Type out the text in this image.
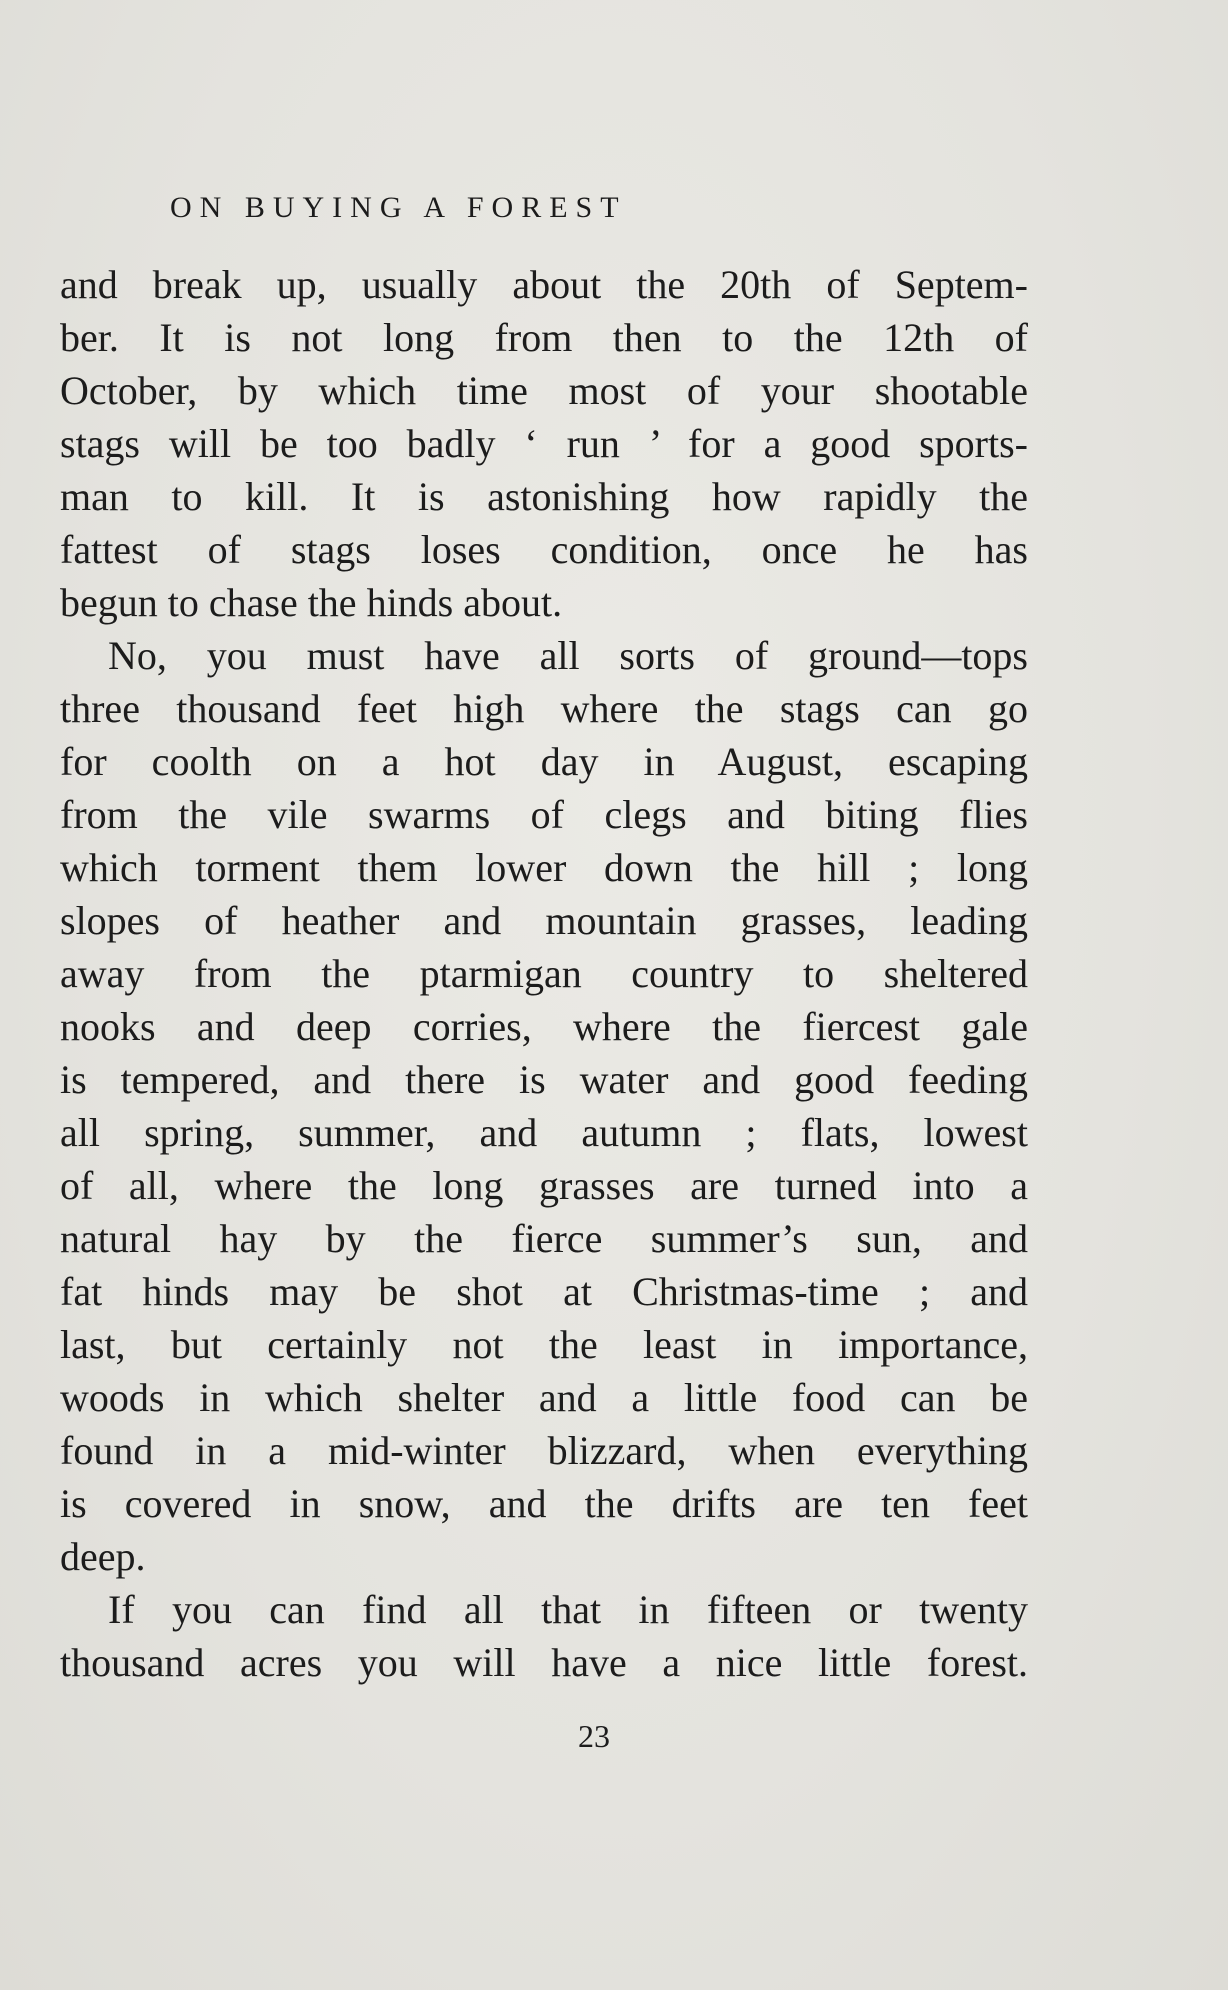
ON BUYING A FOREST
and break up, usually about the 20th of Septem-
ber. It is not long from then to the 12th of
October, by which time most of your shootable
stags will be too badly ‘ run ’ for a good sports-
man to kill. It is astonishing how rapidly the
fattest of stags loses condition, once he has
begun to chase the hinds about.
No, you must have all sorts of ground—tops
three thousand feet high where the stags can go
for coolth on a hot day in August, escaping
from the vile swarms of clegs and biting flies
which torment them lower down the hill ; long
slopes of heather and mountain grasses, leading
away from the ptarmigan country to sheltered
nooks and deep corries, where the fiercest gale
is tempered, and there is water and good feeding
all spring, summer, and autumn ; flats, lowest
of all, where the long grasses are turned into a
natural hay by the fierce summer’s sun, and
fat hinds may be shot at Christmas-time ; and
last, but certainly not the least in importance,
woods in which shelter and a little food can be
found in a mid-winter blizzard, when everything
is covered in snow, and the drifts are ten feet
deep.
If you can find all that in fifteen or twenty
thousand acres you will have a nice little forest.
23
